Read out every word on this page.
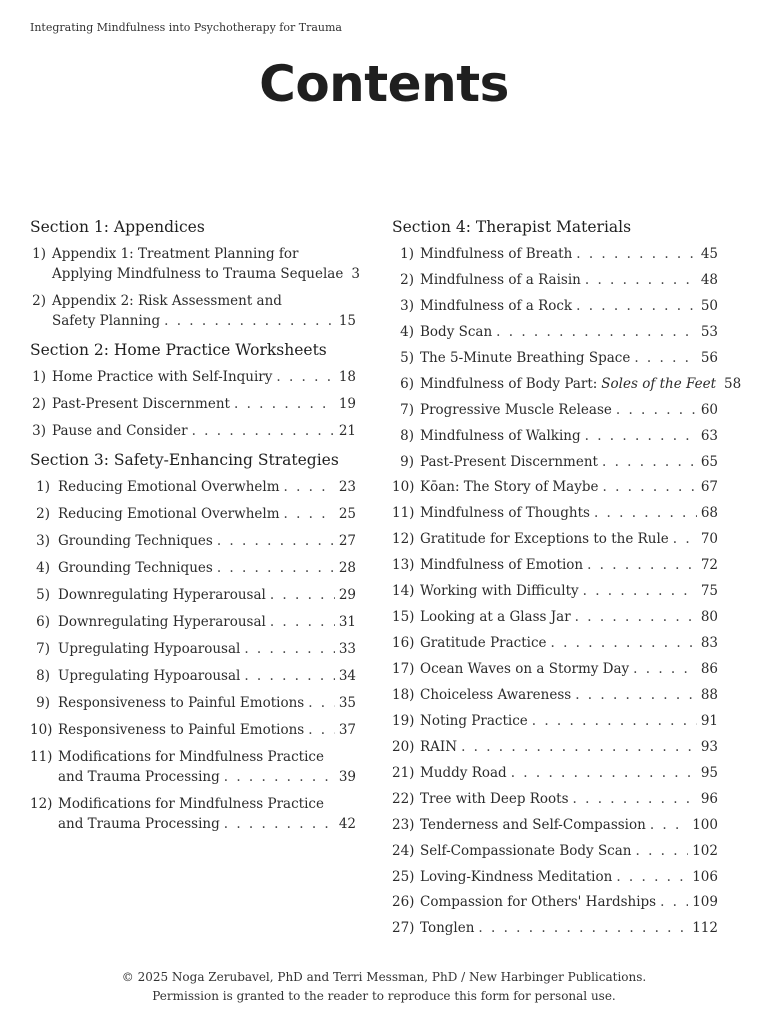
Integrating Mindfulness into Psychotherapy for Trauma
Contents
Section 1: Appendices
1) Appendix 1: Treatment Planning for
Applying Mindfulness to Trauma Sequelae 3
2) Appendix 2: Risk Assessment and
Safety Planning . . .	15
Section 2: Home Practice Worksheets
1) Home Practice with Self-Inquiry . . .	18
2) Past-Present Discernment . . .	19
3) Pause and Consider . . .	21
Section 3: Safety-Enhancing Strategies
1) Reducing Emotional Overwhelm . . .	23
2) Reducing Emotional Overwhelm . . .	25
3) Grounding Techniques . . .	27
4) Grounding Techniques . . .	28
5) Downregulating Hyperarousal . . .	29
6) Downregulating Hyperarousal . . .	31
7) Upregulating Hypoarousal . . .	33
8) Upregulating Hypoarousal . . .	34
9) Responsiveness to Painful Emotions . . .	35
10) Responsiveness to Painful Emotions . . .	37
11) Modifications for Mindfulness Practice
and Trauma Processing . . .	39
12) Modifications for Mindfulness Practice
and Trauma Processing . . .	42
Section 4: Therapist Materials
1) Mindfulness of Breath . . .	45
2) Mindfulness of a Raisin . . .	48
3) Mindfulness of a Rock . . .	50
4) Body Scan . . .	53
5) The 5-Minute Breathing Space . . .	56
6) Mindfulness of Body Part: Soles of the Feet 58
7) Progressive Muscle Release . . .	60
8) Mindfulness of Walking . . .	63
9) Past-Present Discernment . . .	65
10) Kōan: The Story of Maybe . . .	67
11) Mindfulness of Thoughts . . .	68
12) Gratitude for Exceptions to the Rule . . . 70
13) Mindfulness of Emotion . . .	72
14) Working with Difficulty . . .	75
15) Looking at a Glass Jar . . .	80
16) Gratitude Practice . . .	83
17) Ocean Waves on a Stormy Day . . .	86
18) Choiceless Awareness . . .	88
19) Noting Practice . . .	91
20) RAIN . . .	93
21) Muddy Road . . .	95
22) Tree with Deep Roots . . .	96
23) Tenderness and Self-Compassion . . .	100
24) Self-Compassionate Body Scan . . .	102
25) Loving-Kindness Meditation . . .	106
26) Compassion for Others' Hardships . . .	109
27) Tonglen . . .	112
© 2025 Noga Zerubavel, PhD and Terri Messman, PhD / New Harbinger Publications.
Permission is granted to the reader to reproduce this form for personal use.
